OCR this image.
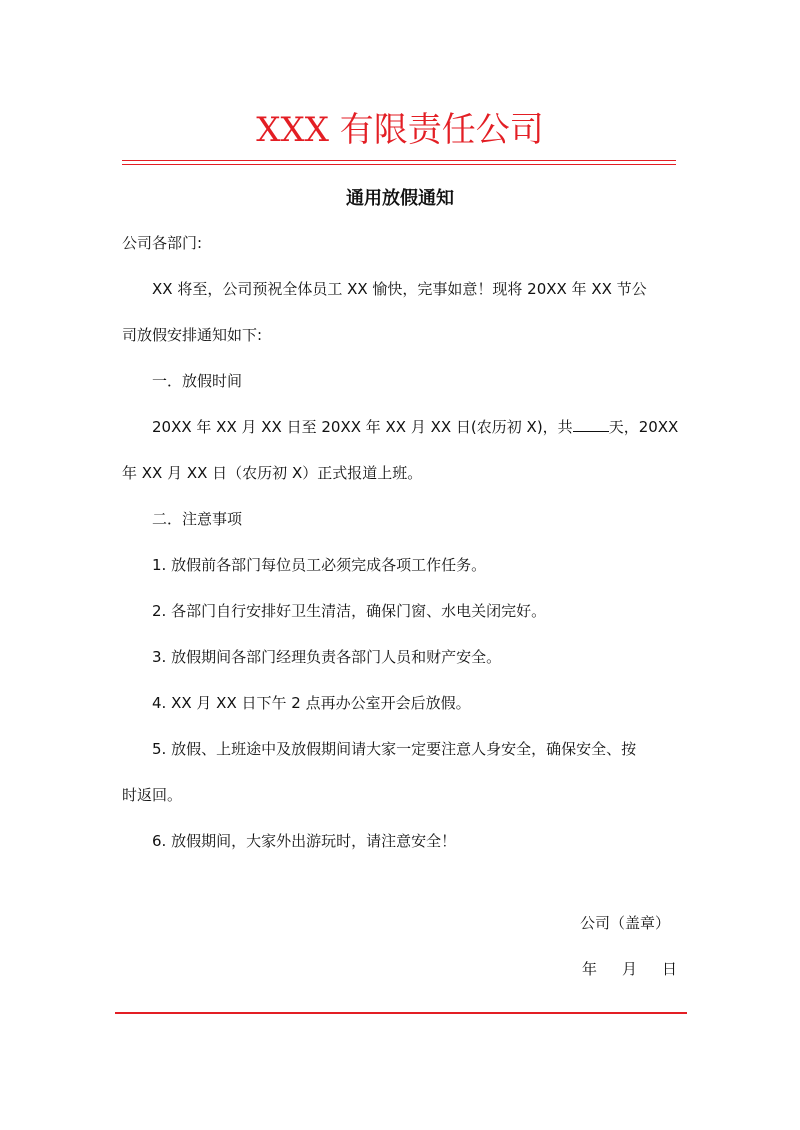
XXX 有限责任公司
通用放假通知
公司各部门:
XX 将至，公司预祝全体员工 XX 愉快，完事如意！现将 20XX 年 XX 节公
司放假安排通知如下:
一．放假时间
20XX 年 XX 月 XX 日至 20XX 年 XX 月 XX 日(农历初 X)，共 天，20XX
年 XX 月 XX 日（农历初 X）正式报道上班。
二．注意事项
1. 放假前各部门每位员工必须完成各项工作任务。
2. 各部门自行安排好卫生清洁，确保门窗、水电关闭完好。
3. 放假期间各部门经理负责各部门人员和财产安全。
4. XX 月 XX 日下午 2 点再办公室开会后放假。
5. 放假、上班途中及放假期间请大家一定要注意人身安全，确保安全、按
时返回。
6. 放假期间，大家外出游玩时，请注意安全！
公司（盖章）
年 月 日
